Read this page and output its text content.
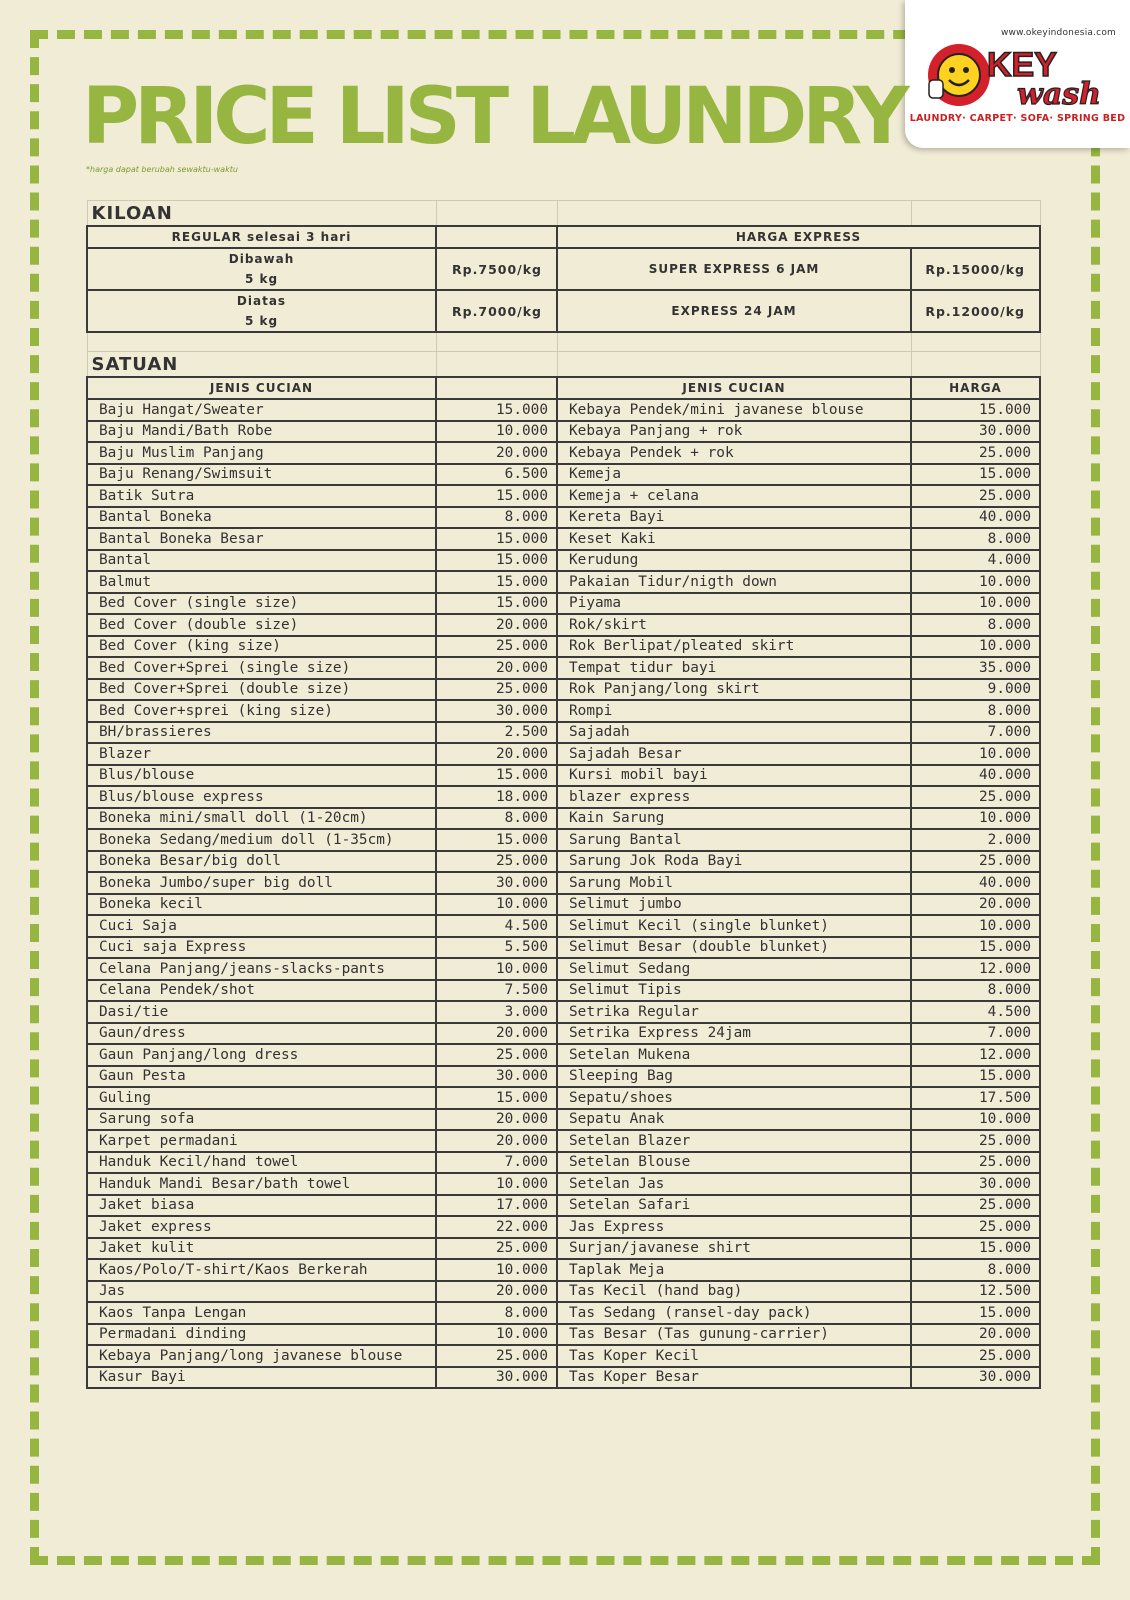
www.okeyindonesia.com
KEY
wash
LAUNDRY· CARPET· SOFA· SPRING BED
PRICE LIST LAUNDRY
*harga dapat berubah sewaktu-waktu
KILOAN			
REGULAR selesai 3 hari		HARGA EXPRESS	

Dibawah
5 kg	Rp.7500/kg	SUPER EXPRESS 6 JAM	Rp.15000/kg

Diatas
5 kg	Rp.7000/kg	EXPRESS 24 JAM	Rp.12000/kg

SATUAN			
JENIS CUCIAN		JENIS CUCIAN	HARGA
Baju Hangat/Sweater	15.000	Kebaya Pendek/mini javanese blouse	15.000
Baju Mandi/Bath Robe	10.000	Kebaya Panjang + rok	30.000
Baju Muslim Panjang	20.000	Kebaya Pendek + rok	25.000
Baju Renang/Swimsuit	6.500	Kemeja	15.000
Batik Sutra	15.000	Kemeja + celana	25.000
Bantal Boneka	8.000	Kereta Bayi	40.000
Bantal Boneka Besar	15.000	Keset Kaki	8.000
Bantal	15.000	Kerudung	4.000
Balmut	15.000	Pakaian Tidur/nigth down	10.000
Bed Cover (single size)	15.000	Piyama	10.000
Bed Cover (double size)	20.000	Rok/skirt	8.000
Bed Cover (king size)	25.000	Rok Berlipat/pleated skirt	10.000
Bed Cover+Sprei (single size)	20.000	Tempat tidur bayi	35.000
Bed Cover+Sprei (double size)	25.000	Rok Panjang/long skirt	9.000
Bed Cover+sprei (king size)	30.000	Rompi	8.000
BH/brassieres	2.500	Sajadah	7.000
Blazer	20.000	Sajadah Besar	10.000
Blus/blouse	15.000	Kursi mobil bayi	40.000
Blus/blouse express	18.000	blazer express	25.000
Boneka mini/small doll (1-20cm)	8.000	Kain Sarung	10.000
Boneka Sedang/medium doll (1-35cm)	15.000	Sarung Bantal	2.000
Boneka Besar/big doll	25.000	Sarung Jok Roda Bayi	25.000
Boneka Jumbo/super big doll	30.000	Sarung Mobil	40.000
Boneka kecil	10.000	Selimut jumbo	20.000
Cuci Saja	4.500	Selimut Kecil (single blunket)	10.000
Cuci saja Express	5.500	Selimut Besar (double blunket)	15.000
Celana Panjang/jeans-slacks-pants	10.000	Selimut Sedang	12.000
Celana Pendek/shot	7.500	Selimut Tipis	8.000
Dasi/tie	3.000	Setrika Regular	4.500
Gaun/dress	20.000	Setrika Express 24jam	7.000
Gaun Panjang/long dress	25.000	Setelan Mukena	12.000
Gaun Pesta	30.000	Sleeping Bag	15.000
Guling	15.000	Sepatu/shoes	17.500
Sarung sofa	20.000	Sepatu Anak	10.000
Karpet permadani	20.000	Setelan Blazer	25.000
Handuk Kecil/hand towel	7.000	Setelan Blouse	25.000
Handuk Mandi Besar/bath towel	10.000	Setelan Jas	30.000
Jaket biasa	17.000	Setelan Safari	25.000
Jaket express	22.000	Jas Express	25.000
Jaket kulit	25.000	Surjan/javanese shirt	15.000
Kaos/Polo/T-shirt/Kaos Berkerah	10.000	Taplak Meja	8.000
Jas	20.000	Tas Kecil (hand bag)	12.500
Kaos Tanpa Lengan	8.000	Tas Sedang (ransel-day pack)	15.000
Permadani dinding	10.000	Tas Besar (Tas gunung-carrier)	20.000
Kebaya Panjang/long javanese blouse	25.000	Tas Koper Kecil	25.000
Kasur Bayi	30.000	Tas Koper Besar	30.000
